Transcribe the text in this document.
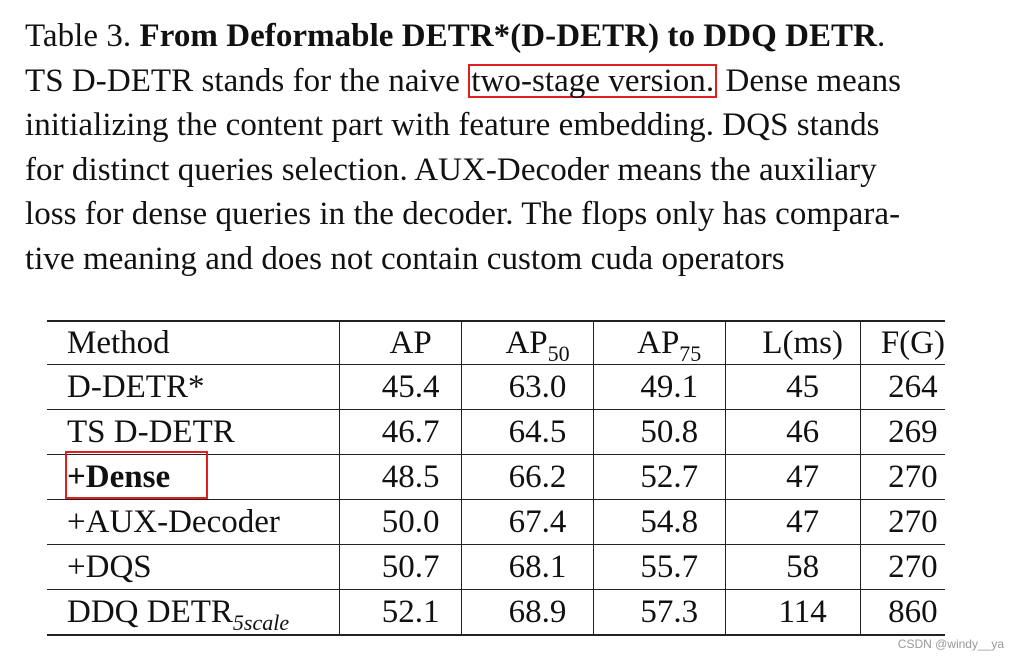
Table 3. From Deformable DETR*(D-DETR) to DDQ DETR.
TS D-DETR stands for the naive two-stage version. Dense means
initializing the content part with feature embedding. DQS stands
for distinct queries selection. AUX-Decoder means the auxiliary
loss for dense queries in the decoder. The flops only has compara-
tive meaning and does not contain custom cuda operators
Method	AP	$AP_{50}$	$AP_{75}$	L(ms)	F(G)
D-DETR*	45.4	63.0	49.1	45	264
TS D-DETR	46.7	64.5	50.8	46	269
+Dense	48.5	66.2	52.7	47	270
+AUX-Decoder	50.0	67.4	54.8	47	270
+DQS	50.7	68.1	55.7	58	270
DDQ $DETR_{5scale}$	52.1	68.9	57.3	114	860
CSDN @windy__ya
